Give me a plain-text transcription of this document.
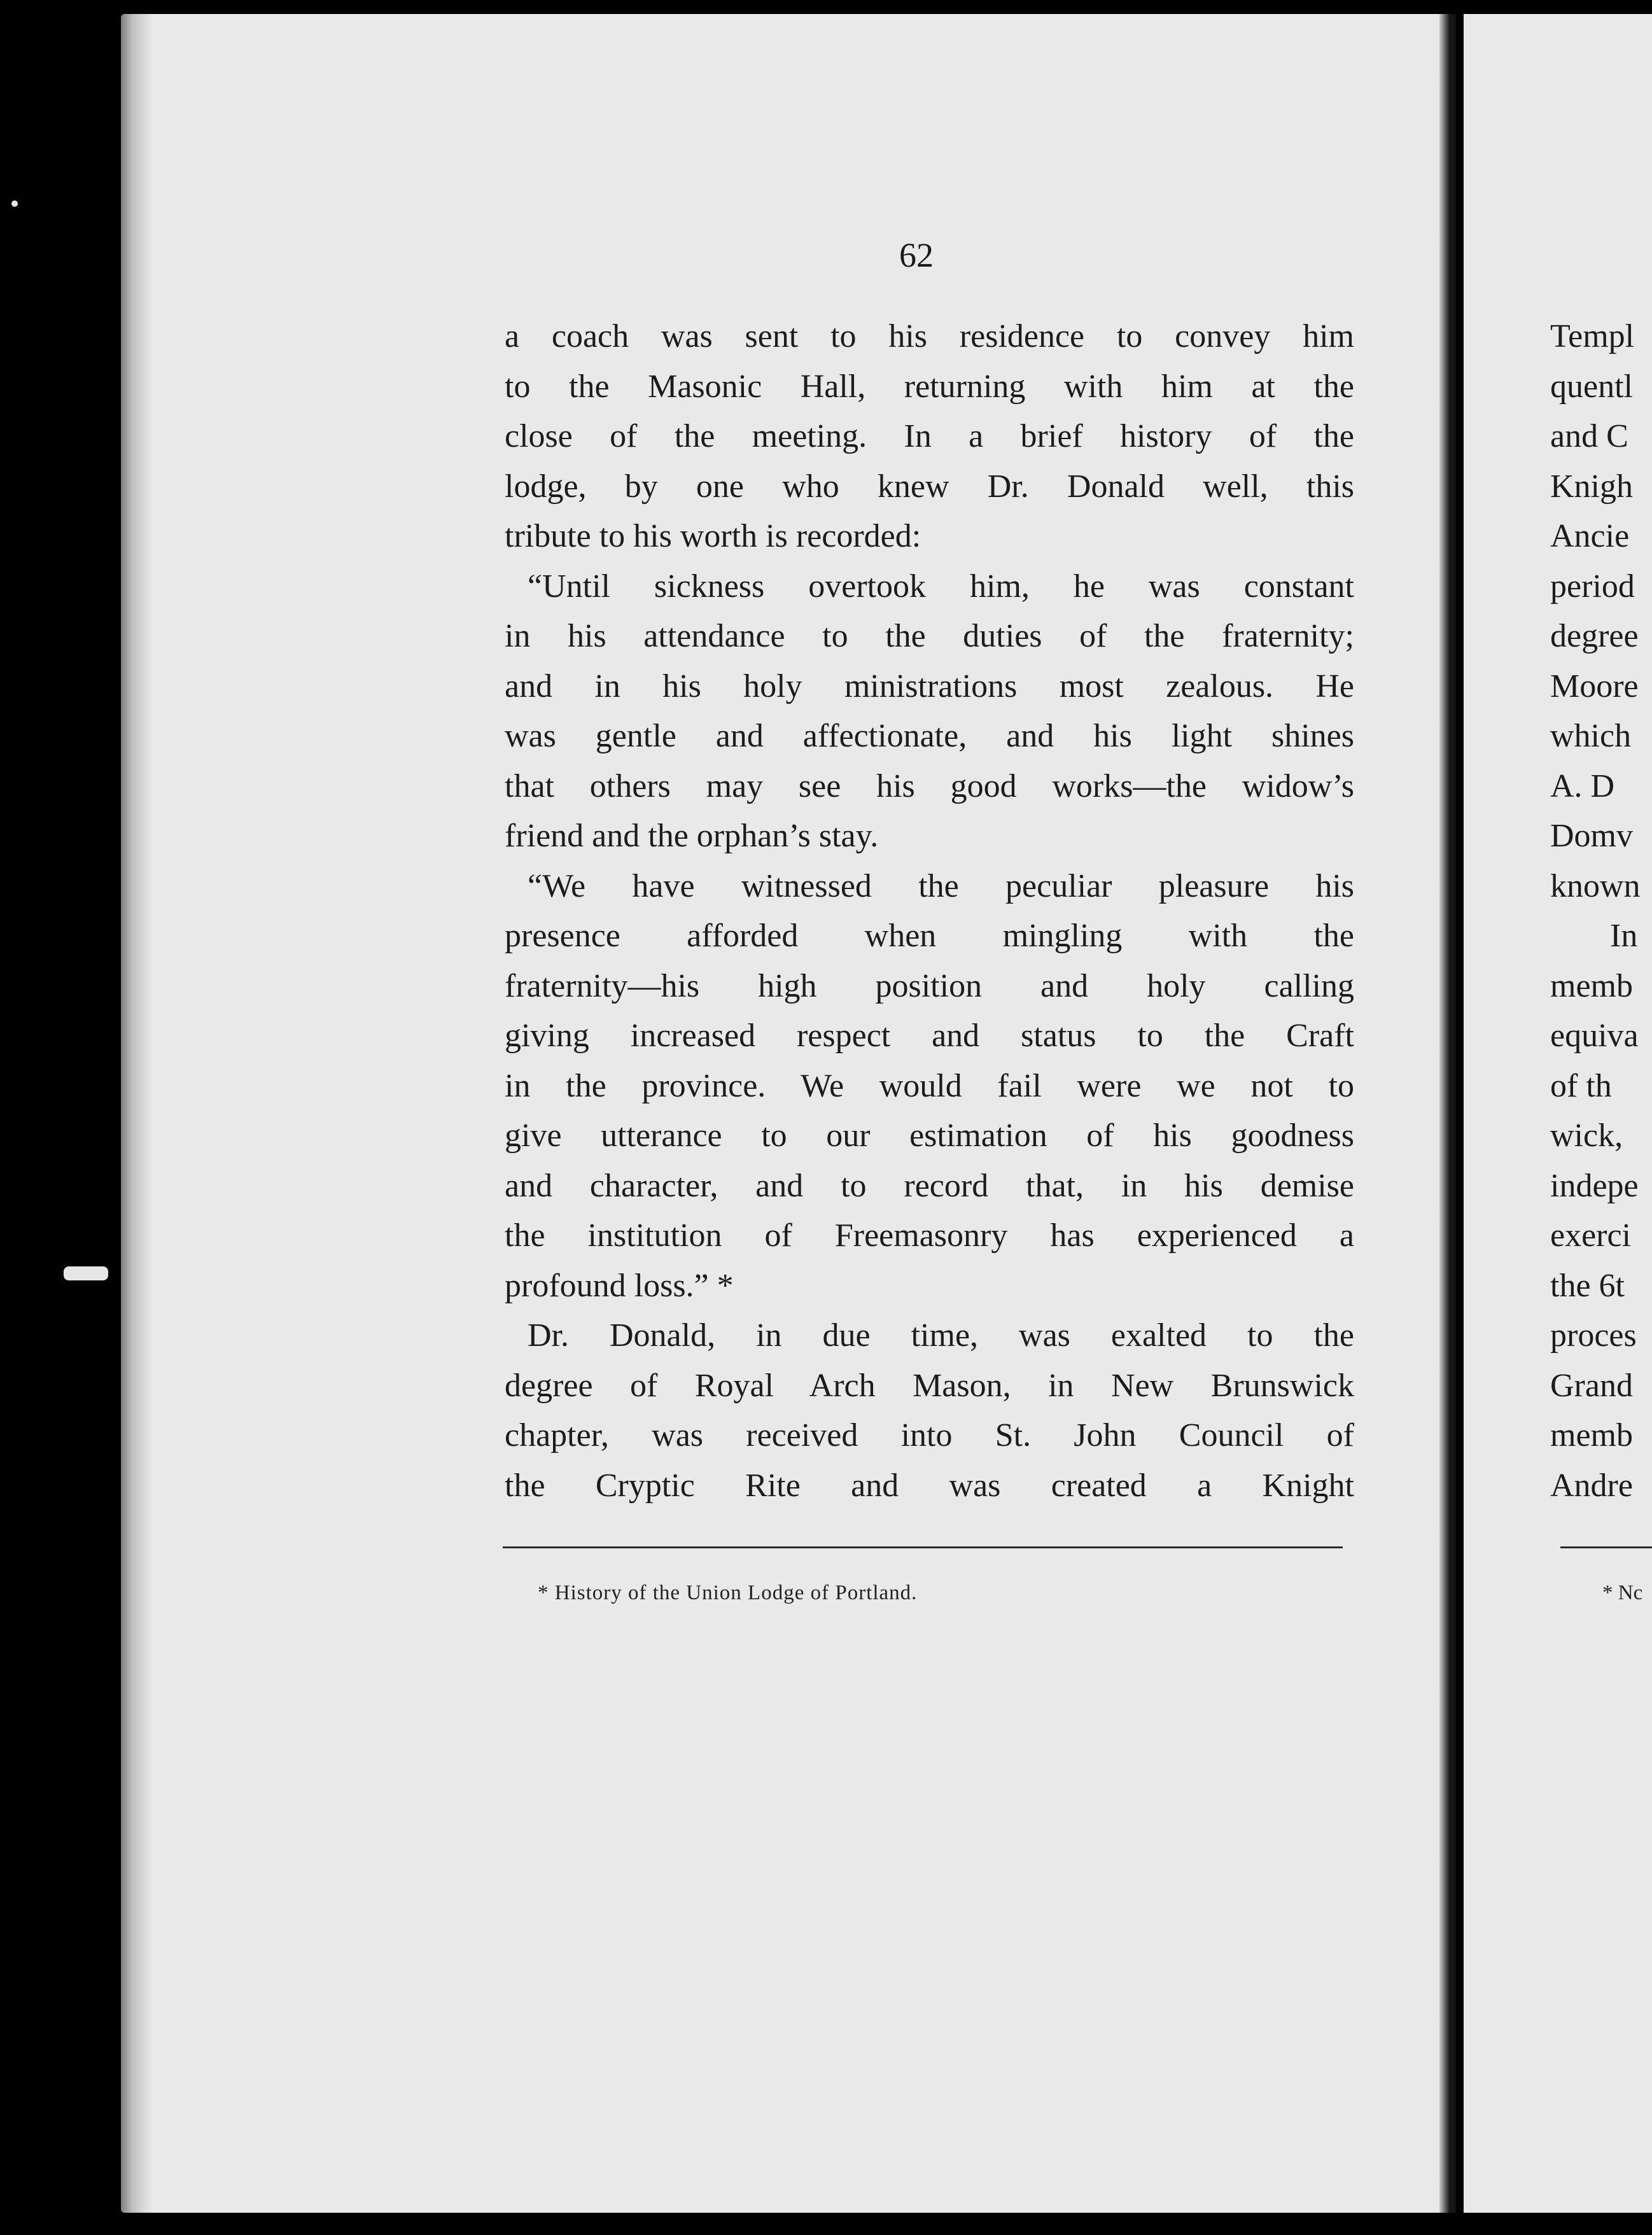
62
a coach was sent to his residence to convey him
to the Masonic Hall, returning with him at the
close of the meeting. In a brief history of the
lodge, by one who knew Dr. Donald well, this
tribute to his worth is recorded:
“Until sickness overtook him, he was constant
in his attendance to the duties of the fraternity;
and in his holy ministrations most zealous. He
was gentle and affectionate, and his light shines
that others may see his good works—the widow’s
friend and the orphan’s stay.
“We have witnessed the peculiar pleasure his
presence afforded when mingling with the
fraternity—his high position and holy calling
giving increased respect and status to the Craft
in the province. We would fail were we not to
give utterance to our estimation of his goodness
and character, and to record that, in his demise
the institution of Freemasonry has experienced a
profound loss.” *
Dr. Donald, in due time, was exalted to the
degree of Royal Arch Mason, in New Brunswick
chapter, was received into St. John Council of
the Cryptic Rite and was created a Knight
* History of the Union Lodge of Portland.
Templ
quentl
and C
Knigh
Ancie
period
degree
Moore
which
A. D
Domv
known
In
memb
equiva
of th
wick,
indepe
exerci
the 6t
proces
Grand
memb
Andre
* Nc
